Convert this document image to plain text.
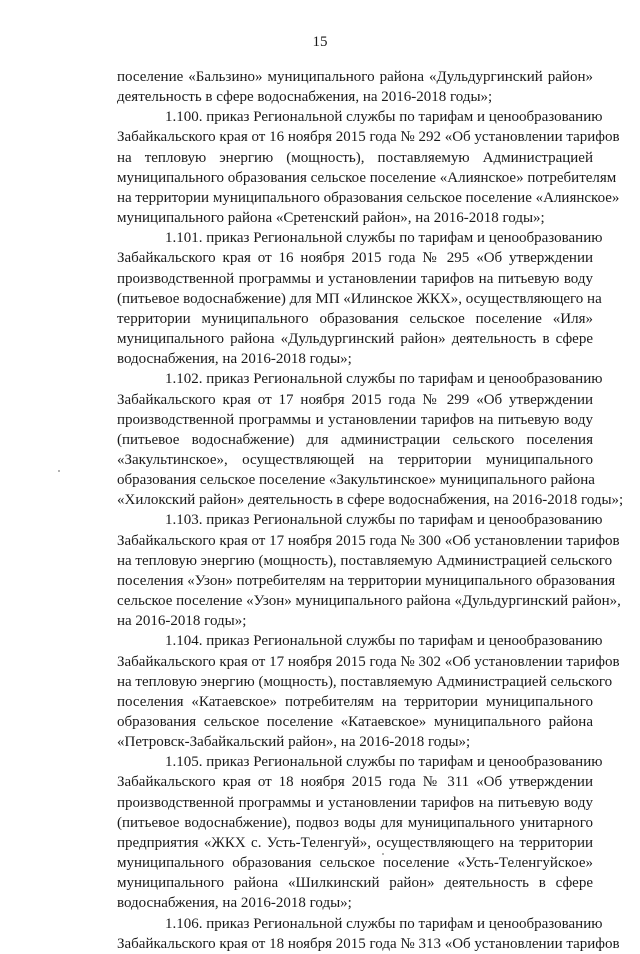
15
поселение «Бальзино» муниципального района «Дульдургинский район»
деятельность в сфере водоснабжения, на 2016-2018 годы»;
1.100. приказ Региональной службы по тарифам и ценообразованию
Забайкальского края от 16 ноября 2015 года № 292 «Об установлении тарифов
на тепловую энергию (мощность), поставляемую Администрацией
муниципального образования сельское поселение «Алиянское» потребителям
на территории муниципального образования сельское поселение «Алиянское»
муниципального района «Сретенский район», на 2016-2018 годы»;
1.101. приказ Региональной службы по тарифам и ценообразованию
Забайкальского края от 16 ноября 2015 года № 295 «Об утверждении
производственной программы и установлении тарифов на питьевую воду
(питьевое водоснабжение) для МП «Илинское ЖКХ», осуществляющего на
территории муниципального образования сельское поселение «Иля»
муниципального района «Дульдургинский район» деятельность в сфере
водоснабжения, на 2016-2018 годы»;
1.102. приказ Региональной службы по тарифам и ценообразованию
Забайкальского края от 17 ноября 2015 года № 299 «Об утверждении
производственной программы и установлении тарифов на питьевую воду
(питьевое водоснабжение) для администрации сельского поселения
«Закультинское», осуществляющей на территории муниципального
образования сельское поселение «Закультинское» муниципального района
«Хилокский район» деятельность в сфере водоснабжения, на 2016-2018 годы»;
1.103. приказ Региональной службы по тарифам и ценообразованию
Забайкальского края от 17 ноября 2015 года № 300 «Об установлении тарифов
на тепловую энергию (мощность), поставляемую Администрацией сельского
поселения «Узон» потребителям на территории муниципального образования
сельское поселение «Узон» муниципального района «Дульдургинский район»,
на 2016-2018 годы»;
1.104. приказ Региональной службы по тарифам и ценообразованию
Забайкальского края от 17 ноября 2015 года № 302 «Об установлении тарифов
на тепловую энергию (мощность), поставляемую Администрацией сельского
поселения «Катаевское» потребителям на территории муниципального
образования сельское поселение «Катаевское» муниципального района
«Петровск-Забайкальский район», на 2016-2018 годы»;
1.105. приказ Региональной службы по тарифам и ценообразованию
Забайкальского края от 18 ноября 2015 года № 311 «Об утверждении
производственной программы и установлении тарифов на питьевую воду
(питьевое водоснабжение), подвоз воды для муниципального унитарного
предприятия «ЖКХ с. Усть-Теленгуй», осуществляющего на территории
муниципального образования сельское поселение «Усть-Теленгуйское»
муниципального района «Шилкинский район» деятельность в сфере
водоснабжения, на 2016-2018 годы»;
1.106. приказ Региональной службы по тарифам и ценообразованию
Забайкальского края от 18 ноября 2015 года № 313 «Об установлении тарифов
